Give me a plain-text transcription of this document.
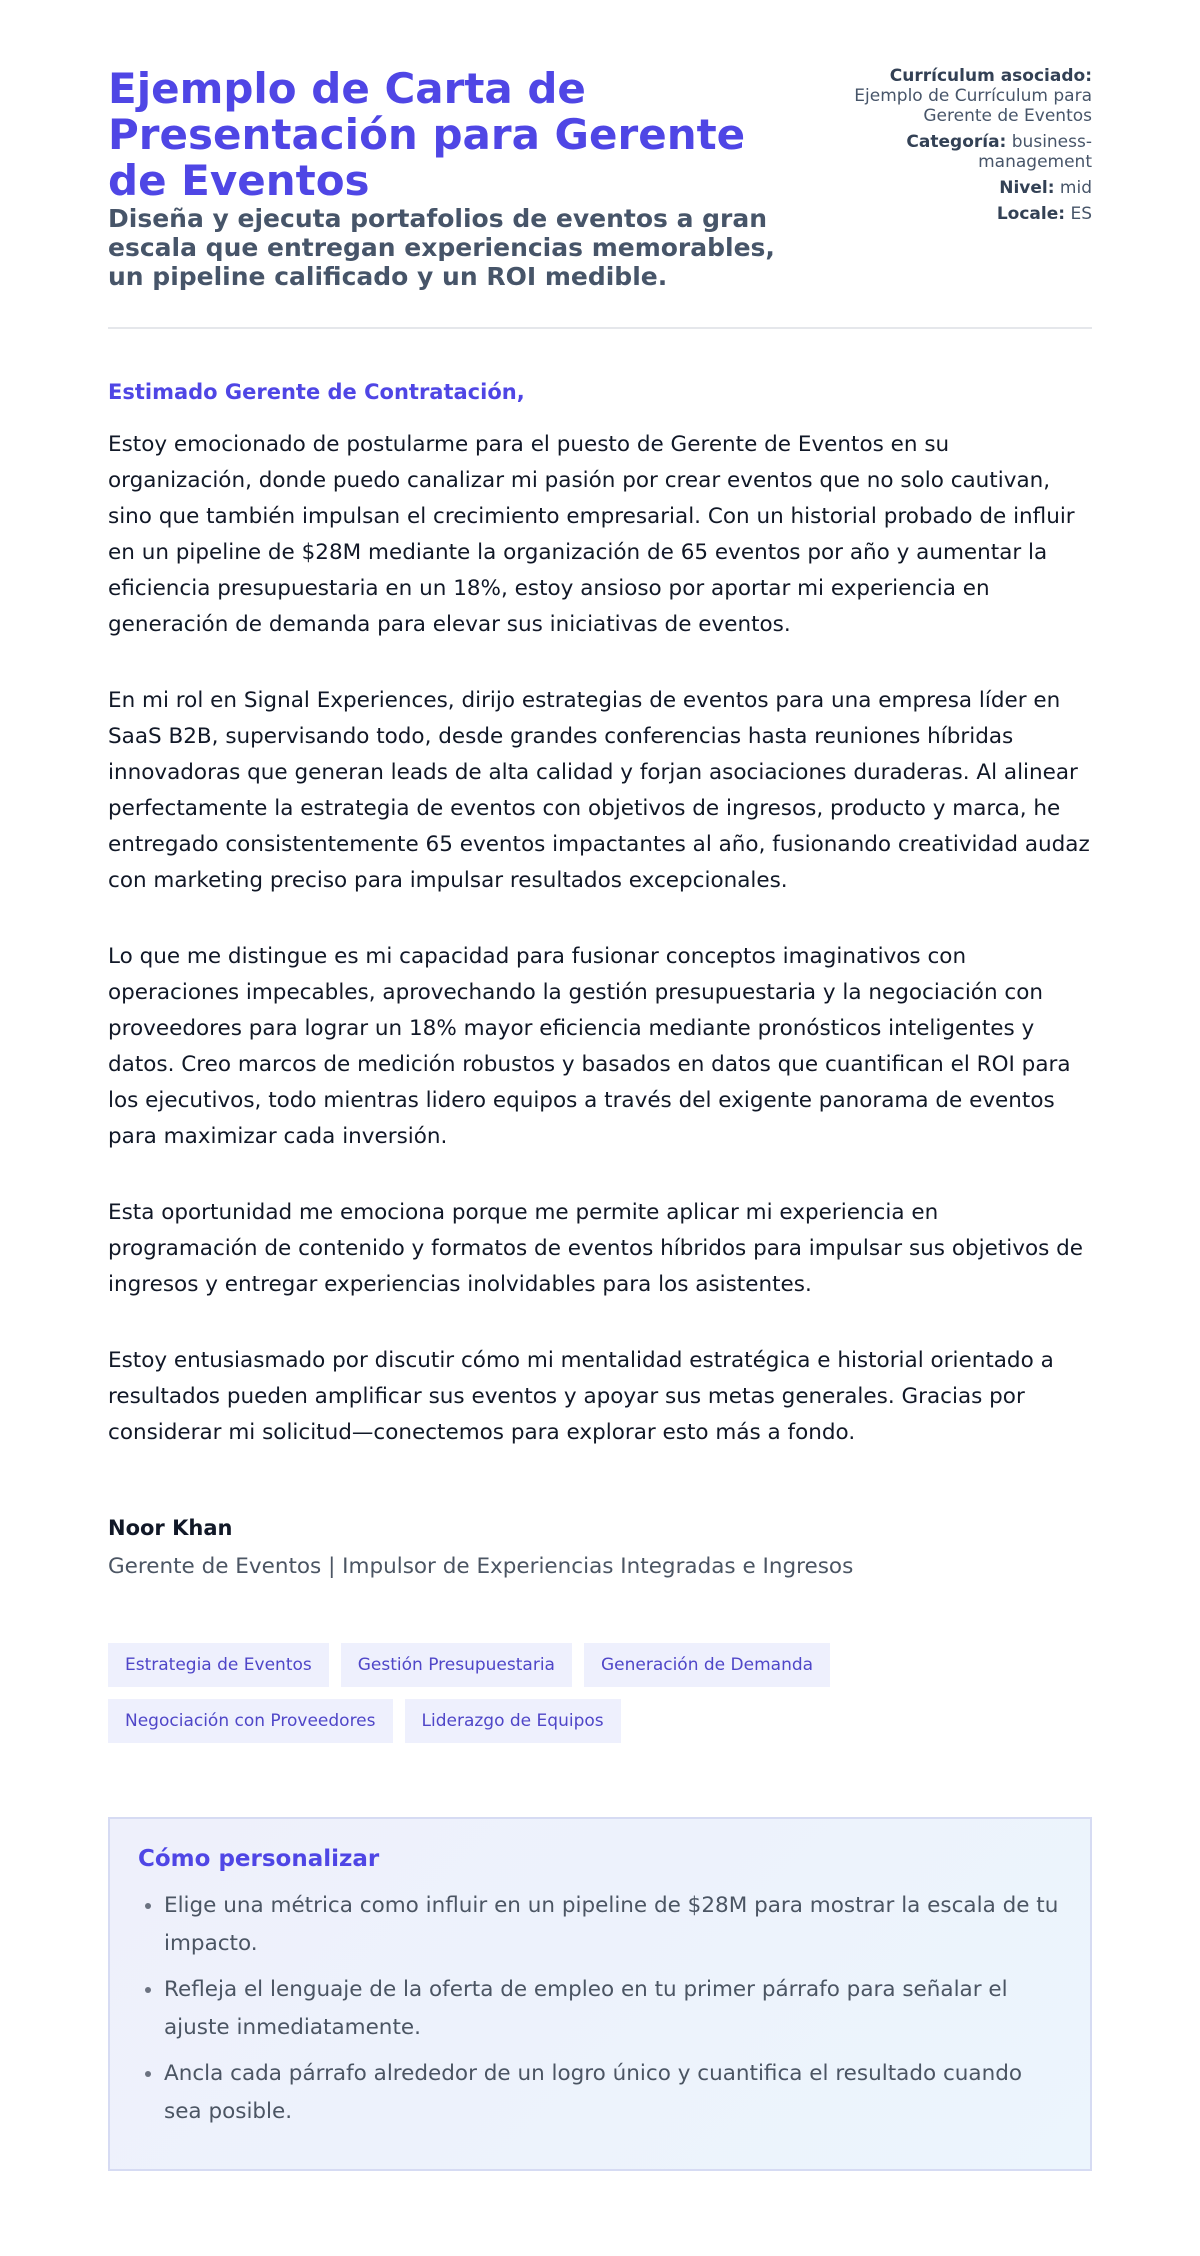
Ejemplo de Carta de Presentación para Gerente de Eventos
Diseña y ejecuta portafolios de eventos a gran escala que entregan experiencias memorables, un pipeline calificado y un ROI medible.
Currículum asociado: Ejemplo de Currículum para Gerente de Eventos
Categoría: business-management
Nivel: mid
Locale: ES
Estimado Gerente de Contratación,

Estoy emocionado de postularme para el puesto de Gerente de Eventos en su organización, donde puedo canalizar mi pasión por crear eventos que no solo cautivan, sino que también impulsan el crecimiento empresarial. Con un historial probado de influir en un pipeline de $28M mediante la organización de 65 eventos por año y aumentar la eficiencia presupuestaria en un 18%, estoy ansioso por aportar mi experiencia en generación de demanda para elevar sus iniciativas de eventos.

En mi rol en Signal Experiences, dirijo estrategias de eventos para una empresa líder en SaaS B2B, supervisando todo, desde grandes conferencias hasta reuniones híbridas innovadoras que generan leads de alta calidad y forjan asociaciones duraderas. Al alinear perfectamente la estrategia de eventos con objetivos de ingresos, producto y marca, he entregado consistentemente 65 eventos impactantes al año, fusionando creatividad audaz con marketing preciso para impulsar resultados excepcionales.

Lo que me distingue es mi capacidad para fusionar conceptos imaginativos con operaciones impecables, aprovechando la gestión presupuestaria y la negociación con proveedores para lograr un 18% mayor eficiencia mediante pronósticos inteligentes y datos. Creo marcos de medición robustos y basados en datos que cuantifican el ROI para los ejecutivos, todo mientras lidero equipos a través del exigente panorama de eventos para maximizar cada inversión.

Esta oportunidad me emociona porque me permite aplicar mi experiencia en programación de contenido y formatos de eventos híbridos para impulsar sus objetivos de ingresos y entregar experiencias inolvidables para los asistentes.

Estoy entusiasmado por discutir cómo mi mentalidad estratégica e historial orientado a resultados pueden amplificar sus eventos y apoyar sus metas generales. Gracias por considerar mi solicitud—conectemos para explorar esto más a fondo.

Noor Khan
Gerente de Eventos | Impulsor de Experiencias Integradas e Ingresos
Estrategia de Eventos	Gestión Presupuestaria	Generación de Demanda
Negociación con Proveedores	Liderazgo de Equipos
Cómo personalizar
• Elige una métrica como influir en un pipeline de $28M para mostrar la escala de tu impacto.
• Refleja el lenguaje de la oferta de empleo en tu primer párrafo para señalar el ajuste inmediatamente.
• Ancla cada párrafo alrededor de un logro único y cuantifica el resultado cuando sea posible.
